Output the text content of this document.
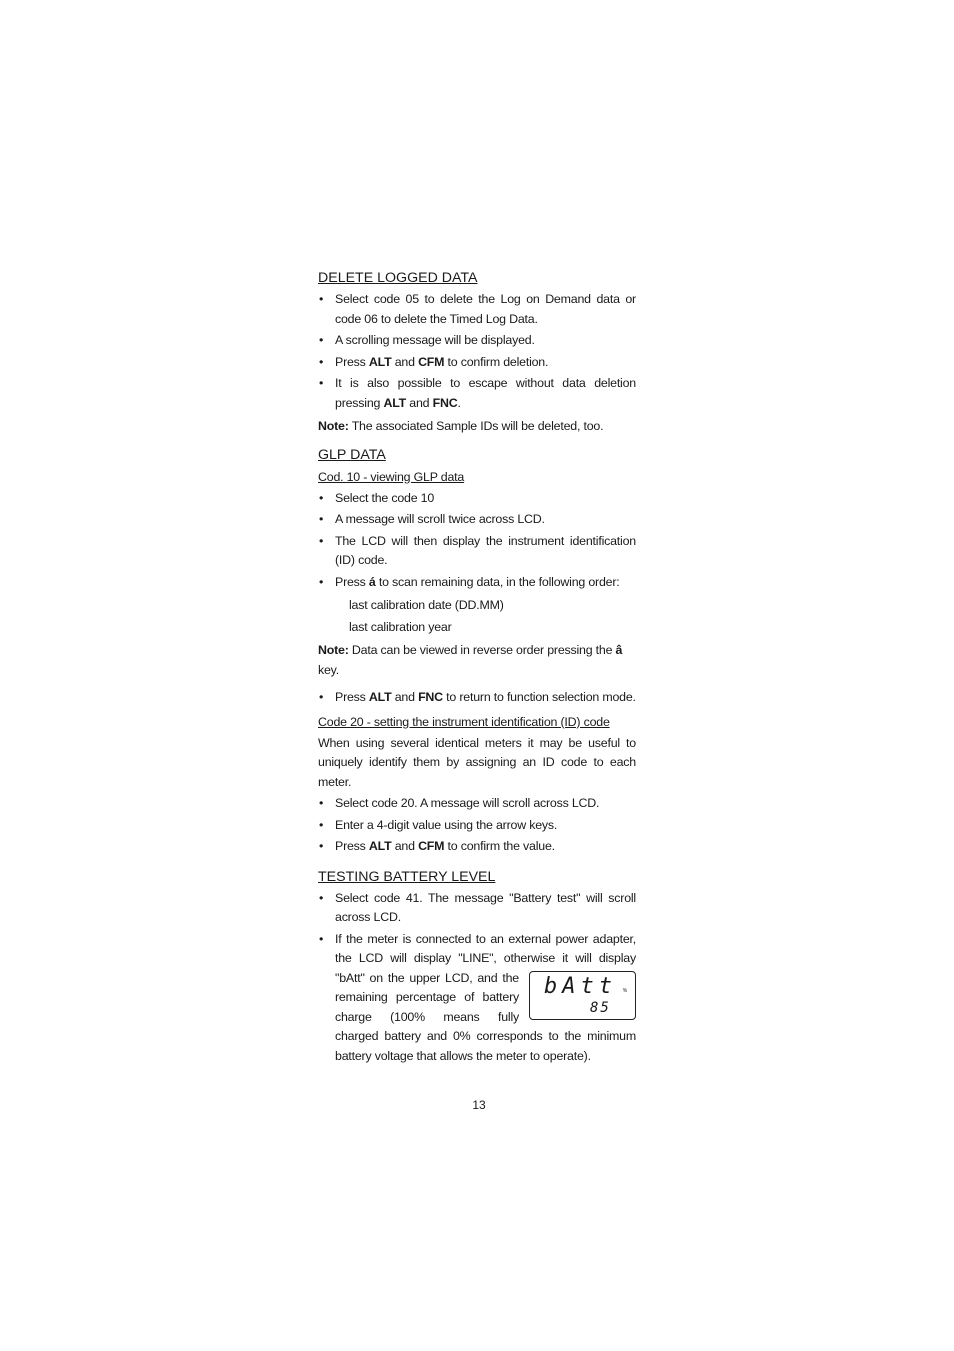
DELETE LOGGED DATA
• Select code 05 to delete the Log on Demand data or code 06 to delete the Timed Log Data.
• A scrolling message will be displayed.
• Press ALT and CFM to confirm deletion.
• It is also possible to escape without data deletion pressing ALT and FNC.
Note: The associated Sample IDs will be deleted, too.
GLP DATA
Cod. 10 - viewing GLP data
• Select the code 10
• A message will scroll twice across LCD.
• The LCD will then display the instrument identification (ID) code.
• Press á to scan remaining data, in the following order:
last calibration date (DD.MM)
last calibration year
Note: Data can be viewed in reverse order pressing the â key.
• Press ALT and FNC to return to function selection mode.
Code 20 - setting the instrument identification (ID) code

When using several identical meters it may be useful to uniquely identify them by assigning an ID code to each meter.

• Select code 20. A message will scroll across LCD.
• Enter a 4-digit value using the arrow keys.
• Press ALT and CFM to confirm the value.
TESTING BATTERY LEVEL
• Select code 41. The message "Battery test" will scroll across LCD.
• If the meter is connected to an external power adapter, the LCD will display "LINE", otherwise it will display "bAtt" on the upper LCD,	bAtt %
85
and the remaining percentage of battery charge (100% means fully charged battery and 0% corresponds to the minimum battery voltage that allows the meter to operate).
13
